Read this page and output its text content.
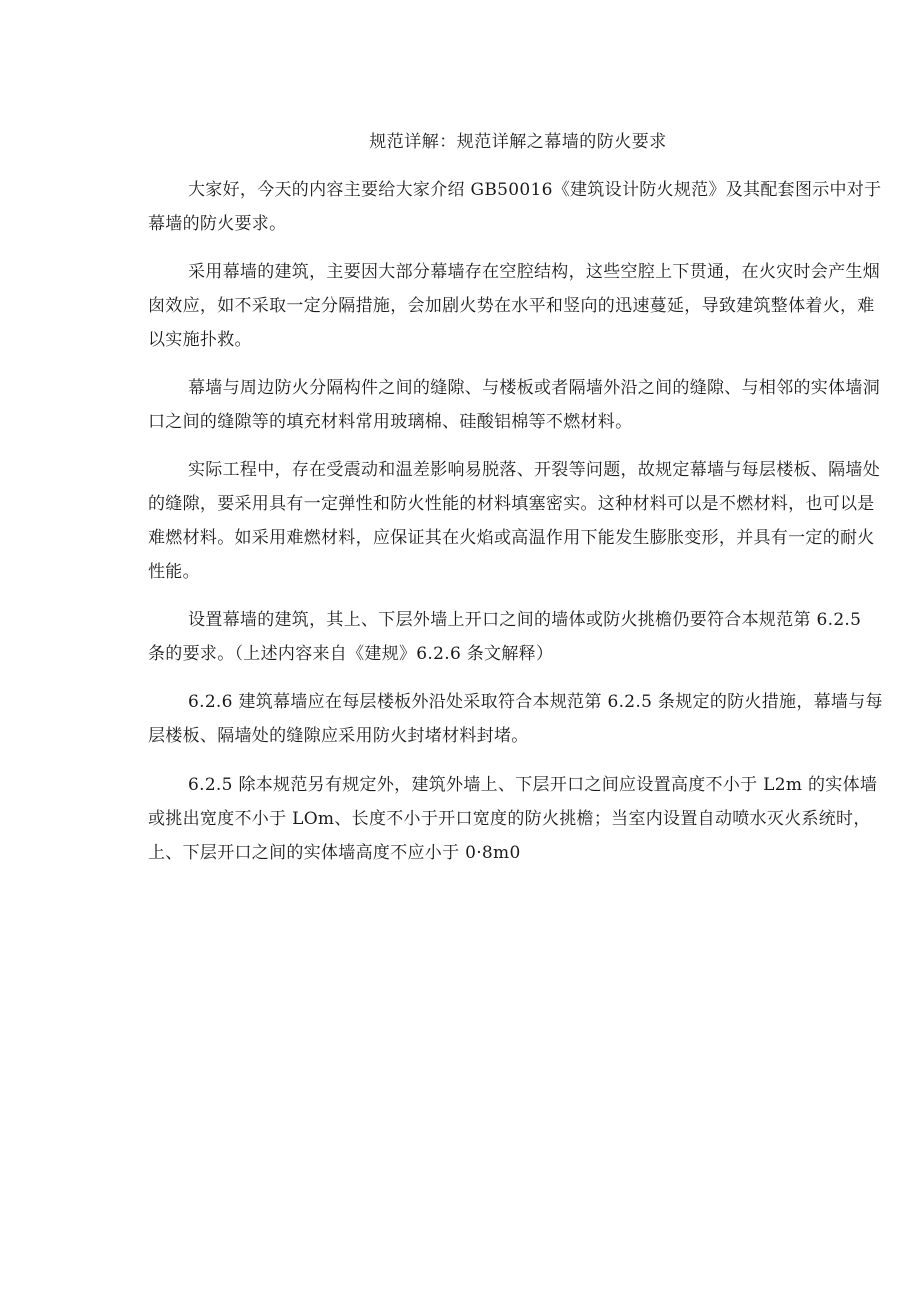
规范详解：规范详解之幕墙的防火要求

大家好，今天的内容主要给大家介绍 GB50016《建筑设计防火规范》及其配套图示中对于幕墙的防火要求。

采用幕墙的建筑，主要因大部分幕墙存在空腔结构，这些空腔上下贯通，在火灾时会产生烟囱效应，如不采取一定分隔措施，会加剧火势在水平和竖向的迅速蔓延，导致建筑整体着火，难以实施扑救。

幕墙与周边防火分隔构件之间的缝隙、与楼板或者隔墙外沿之间的缝隙、与相邻的实体墙洞口之间的缝隙等的填充材料常用玻璃棉、硅酸铝棉等不燃材料。

实际工程中，存在受震动和温差影响易脱落、开裂等问题，故规定幕墙与每层楼板、隔墙处的缝隙，要采用具有一定弹性和防火性能的材料填塞密实。这种材料可以是不燃材料，也可以是难燃材料。如采用难燃材料，应保证其在火焰或高温作用下能发生膨胀变形，并具有一定的耐火性能。

设置幕墙的建筑，其上、下层外墙上开口之间的墙体或防火挑檐仍要符合本规范第 6.2.5 条的要求。（上述内容来自《建规》6.2.6 条文解释）

6.2.6 建筑幕墙应在每层楼板外沿处采取符合本规范第 6.2.5 条规定的防火措施，幕墙与每层楼板、隔墙处的缝隙应采用防火封堵材料封堵。

6.2.5 除本规范另有规定外，建筑外墙上、下层开口之间应设置高度不小于 L2m 的实体墙或挑出宽度不小于 LOm、长度不小于开口宽度的防火挑檐；当室内设置自动喷水灭火系统时，上、下层开口之间的实体墙高度不应小于 0·8m0
